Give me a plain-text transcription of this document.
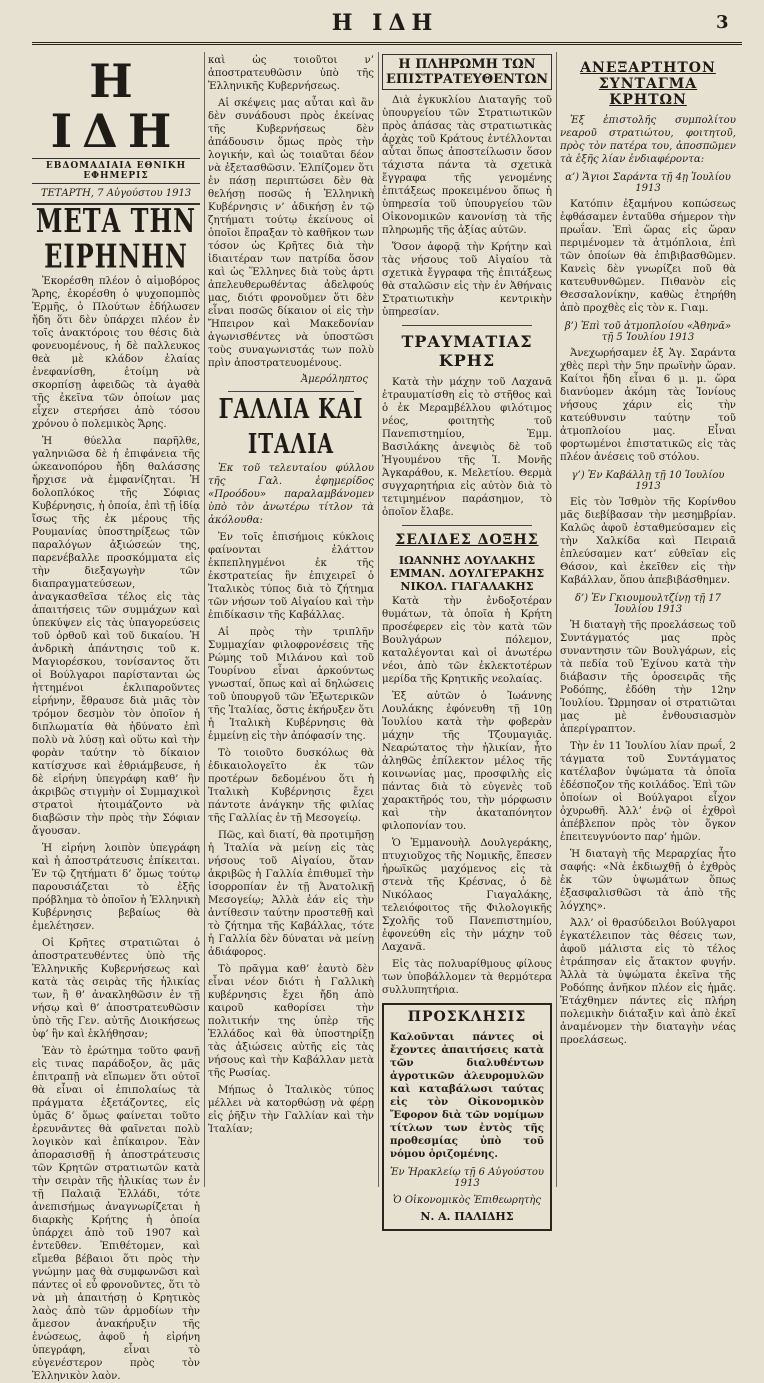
Η ΙΔΗ	3
Η ΙΔΗ
ΕΒΔΟΜΑΔΙΑΙΑ ΕΘΝΙΚΗ ΕΦΗΜΕΡΙΣ
ΤΕΤΑΡΤΗ, 7 Αὐγούστου 1913
ΜΕΤΑ ΤΗΝ ΕΙΡΗΝΗΝ

Ἐκορέσθη πλέον ὁ αἱμοβόρος Ἄρης, ἐκορέσθη ὁ ψυχοπομπὸς Ἑρμῆς, ὁ Πλούτων ἐδήλωσεν ἤδη ὅτι δὲν ὑπάρχει πλέον ἐν τοῖς ἀνακτόροις του θέσις διὰ φονευομένους, ἡ δὲ παλλευκος θεὰ μὲ κλάδον ἐλαίας ἐνεφανίσθη, ἑτοίμη νὰ σκορπίσῃ ἀφειδῶς τὰ ἀγαθὰ τῆς ἐκεῖνα τῶν ὁποίων μας εἶχεν στερήσει ἀπὸ τόσου χρόνου ὁ πολεμικὸς Ἄρης.

Ἡ θύελλα παρῆλθε, γαληνιῶσα δὲ ἡ ἐπιφάνεια τῆς ὡκεανοπόρου ἤδη θαλάσσης ἤρχισε νὰ ἐμφανίζηται. Ἡ δολοπλόκος τῆς Σόφιας Κυβέρνησις, ἡ ὁποία, ἐπὶ τῇ ἰδίᾳ ἴσως τῆς ἐκ μέρους τῆς Ρουμανίας ὑποστηρίξεως τῶν παραλόγων ἀξιώσεών της, παρενέβαλλε προσκόμματα εἰς τὴν διεξαγωγὴν τῶν διαπραγματεύσεων, ἀναγκασθεῖσα τέλος εἰς τὰς ἀπαιτήσεις τῶν συμμάχων καὶ ὑπεκύψεν εἰς τὰς ὑπαγορεύσεις τοῦ ὀρθοῦ καὶ τοῦ δικαίου. Ἡ ἀνδρικὴ ἀπάντησις τοῦ κ. Μαγιορέσκου, τονίσαντος ὅτι οἱ Βούλγαροι παρίστανται ὡς ἡττημένοι ἐκλιπαροῦντες εἰρήνην, ἔθραυσε διὰ μιᾶς τὸν τρόμον δεσμὸν τὸν ὁποῖον ἡ διπλωματία θὰ ἠδύνατο ἐπὶ πολὺ νὰ λύσῃ καὶ οὕτω καὶ τὴν φορὰν ταύτην τὸ δίκαιον κατίσχυσε καὶ ἐθριάμβευσε, ἡ δὲ εἰρήνη ὑπεγράφη καθ’ ἣν ἀκριβῶς στιγμὴν οἱ Συμμαχικοὶ στρατοὶ ἡτοιμάζοντο νὰ διαβῶσιν τὴν πρὸς τὴν Σόφιαν ἄγουσαν.

Ἡ εἰρήνη λοιπὸν ὑπεγράφη καὶ ἡ ἀποστράτευσις ἐπίκειται. Ἐν τῷ ζητήματι δ’ ὅμως τούτῳ παρουσιάζεται τὸ ἐξῆς πρόβλημα τὸ ὁποῖον ἡ Ἑλληνικὴ Κυβέρνησις βεβαίως θὰ ἐμελέτησεν.

Οἱ Κρῆτες στρατιῶται ὁ ἀποστρατευθέντες ὑπὸ τῆς Ἑλληνικῆς Κυβερνήσεως καὶ κατὰ τὰς σειρὰς τῆς ἡλικίας των, ἢ θ’ ἀνακληθῶσιν ἐν τῇ νήσῳ καὶ θ’ ἀποστρατευθῶσιν ὑπὸ τῆς Γεν. αὐτῆς Διοικήσεως ὑφ’ ἣν καὶ ἐκλήθησαν;

Ἐὰν τὸ ἐρώτημα τοῦτο φανῇ εἰς τινας παράδοξον, ἂς μᾶς ἐπιτραπῇ νὰ εἴπωμεν ὅτι οὐτοῖ θὰ εἶναι οἱ ἐπιπολαίως τὰ πράγματα ἐξετάζοντες, εἰς ὑμᾶς δ’ ὅμως φαίνεται τοῦτο ἐρευνᾶντες θὰ φαῖνεται πολὺ λογικὸν καὶ ἐπίκαιρον. Ἐὰν ἀπορασισθῇ ἡ ἀποστράτευσις τῶν Κρητῶν στρατιωτῶν κατὰ τὴν σειρὰν τῆς ἡλικίας των ἐν τῇ Παλαιᾷ Ἑλλάδι, τότε ἀνεπισήμως ἀναγνωρίζεται ἡ διαρκὴς Κρήτης ἡ ὁποία ὑπάρχει ἀπὸ τοῦ 1907 καὶ ἐντεῦθεν. Ἐπιθέτομεν, καὶ εἴμεθα βέβαιοι ὅτι πρὸς τὴν γνώμην μας θὰ συμφωνῶσι καὶ πάντες οἱ εὖ φρονοῦντες, ὅτι τὸ νὰ μὴ ἀπαιτήσῃ ὁ Κρητικὸς λαὸς ἀπὸ τῶν ἀρμοδίων τὴν ἄμεσον ἀνακήρυξιν τῆς ἑνώσεως, ἀφοῦ ἡ εἰρήνη ὑπεγράφη, εἶναι τὸ εὐγενέστερον πρὸς τὸν Ἑλληνικὸν λαὸν.

καὶ ὡς τοιοῦτοι ν’ ἀποστρατευθῶσιν ὑπὸ τῆς Ἑλληνικῆς Κυβερνήσεως.

Αἱ σκέψεις μας αὗται καὶ ἂν δὲν συνάδουσι πρὸς ἐκείνας τῆς Κυβερνήσεως δὲν ἀπάδουσιν ὅμως πρὸς τὴν λογικήν, καὶ ὡς τοιαῦται δέον νὰ ἐξετασθῶσιν. Ἐλπίζομεν ὅτι ἐν πάσῃ περιπτώσει δὲν θὰ θελήσῃ ποσῶς ἡ Ἑλληνικὴ Κυβέρνησις ν’ ἀδικήσῃ ἐν τῷ ζητήματι τούτῳ ἐκείνους οἱ ὁποῖοι ἔπραξαν τὸ καθῆκον των τόσον ὡς Κρῆτες διὰ τὴν ἰδιαιτέραν των πατρίδα ὅσον καὶ ὡς Ἕλληνες διὰ τοὺς ἀρτι ἀπελευθερωθέντας ἀδελφούς μας, διότι φρονοῦμεν ὅτι δὲν εἶναι ποσῶς δίκαιον οἱ εἰς τὴν Ἤπειρον καὶ Μακεδονίαν ἀγωνισθέντες νὰ ὑποστῶσι τοὺς συναγωνιστάς των πολὺ πρὶν ἀποστρατευομένους.

Ἀμερόληπτος
ΓΑΛΛΙΑ ΚΑΙ ΙΤΑΛΙΑ

Ἐκ τοῦ τελευταίου φύλλου τῆς Γαλ. ἐφημερίδος «Προόδου» παραλαμβάνομεν ὑπὸ τὸν ἀνωτέρω τίτλον τὰ ἀκόλουθα:

Ἐν τοῖς ἐπισήμοις κύκλοις φαίνονται ἐλάττον ἐκπεπληγμένοι ἐκ τῆς ἐκστρατείας ἣν ἐπιχειρεῖ ὁ Ἰταλικὸς τύπος διὰ τὸ ζήτημα τῶν νήσων τοῦ Αἰγαίου καὶ τὴν ἐπιδίκασιν τῆς Καβάλλας.

Αἱ πρὸς τὴν τριπλῆν Συμμαχίαν φιλοφρονέσεις τῆς Ρώμης τοῦ Μιλάνου καὶ τοῦ Τουρίνου εἶναι ἀρκούντως γνωσταί, ὅπως καὶ αἱ δηλώσεις τοῦ ὑπουργοῦ τῶν Ἐξωτερικῶν τῆς Ἰταλίας, ὅστις ἐκήρυξεν ὅτι ἡ Ἰταλικὴ Κυβέρνησις θὰ ἐμμείνῃ εἰς τὴν ἀπόφασίν της.

Τὸ τοιοῦτο δυσκόλως θὰ ἐδικαιολογεῖτο ἐκ τῶν προτέρων δεδομένου ὅτι ἡ Ἰταλικὴ Κυβέρνησις ἔχει πάντοτε ἀνάγκην τῆς φιλίας τῆς Γαλλίας ἐν τῇ Μεσογείῳ.

Πῶς, καὶ διατί, θὰ προτιμῆσῃ ἡ Ἰταλία νὰ μείνῃ εἰς τὰς νήσους τοῦ Αἰγαίου, ὅταν ἀκριβῶς ἡ Γαλλία ἐπιθυμεῖ τὴν ἰσορροπίαν ἐν τῇ Ἀνατολικῇ Μεσογείῳ; Ἀλλὰ ἐάν εἰς τὴν ἀντίθεσιν ταύτην προστεθῇ καὶ τὸ ζήτημα τῆς Καβάλλας, τότε ἡ Γαλλία δὲν δύναται νὰ μείνῃ ἀδιάφορος.

Τὸ πρᾶγμα καθ’ ἑαυτὸ δὲν εἶναι νέον διότι ἡ Γαλλικὴ κυβέρνησις ἔχει ἤδη ἀπὸ καιροῦ καθορίσει τὴν πολιτικήν της ὑπὲρ τῆς Ἑλλάδος καὶ θὰ ὑποστηρίξῃ τὰς ἀξιώσεις αὐτῆς εἰς τὰς νήσους καὶ τὴν Καβάλλαν μετὰ τῆς Ρωσίας.

Μήπως ὁ Ἰταλικὸς τύπος μέλλει νὰ κατορθώσῃ νὰ φέρῃ εἰς ῥῆξιν τὴν Γαλλίαν καὶ τὴν Ἰταλίαν;

Η ΠΛΗΡΩΜΗ ΤΩΝ ΕΠΙΣΤΡΑΤΕΥΘΕΝΤΩΝ

Διὰ ἐγκυκλίου Διαταγῆς τοῦ ὑπουργείου τῶν Στρατιωτικῶν πρὸς ἁπάσας τὰς στρατιωτικὰς ἀρχὰς τοῦ Κράτους ἐντέλλονται αὗται ὅπως ἀποστείλωσιν ὅσον τάχιστα πάντα τὰ σχετικὰ ἔγγραφα τῆς γενομένης ἐπιτάξεως προκειμένου ὅπως ἡ ὑπηρεσία τοῦ ὑπουργείου τῶν Οἰκονομικῶν κανονίσῃ τὰ τῆς πληρωμῆς τῆς ἀξίας αὐτῶν.

Ὅσον ἀφορᾷ τὴν Κρήτην καὶ τὰς νήσους τοῦ Αἰγαίου τὰ σχετικὰ ἔγγραφα τῆς ἐπιτάξεως θὰ σταλῶσιν εἰς τὴν ἐν Ἀθήναις Στρατιωτικὴν κεντρικὴν ὑπηρεσίαν.

ΤΡΑΥΜΑΤΙΑΣ ΚΡΗΣ

Κατὰ τὴν μάχην τοῦ Λαχανᾶ ἐτραυματίσθη εἰς τὸ στῆθος καὶ ὁ ἐκ Μεραμβέλλου φιλότιμος νέος, φοιτητὴς τοῦ Πανεπιστημίου, Ἐμμ. Βασιλάκης ἀνεψιὸς δὲ τοῦ Ἡγουμένου τῆς Ἱ. Μονῆς Ἀγκαράθου, κ. Μελετίου. Θερμὰ συγχαρητήρια εἰς αὐτὸν διὰ τὸ τετιμημένον παράσημον, τὸ ὁποῖον ἔλαβε.

ΣΕΛΙΔΕΣ ΔΟΞΗΣ
ΙΩΑΝΝΗΣ ΛΟΥΛΑΚΗΣ
ΕΜΜΑΝ. ΔΟΥΛΓΕΡΑΚΗΣ
ΝΙΚΟΛ. ΓΙΑΓΑΛΑΚΗΣ

Κατὰ τὴν ἐνδοξοτέραν θυμάτων, τὰ ὁποῖα ἡ Κρήτη προσέφερεν εἰς τὸν κατὰ τῶν Βουλγάρων πόλεμον, καταλέγονται καὶ οἱ ἀνωτέρω νέοι, ἀπὸ τῶν ἐκλεκτοτέρων μερίδα τῆς Κρητικῆς νεολαίας.

Ἐξ αὐτῶν ὁ Ἰωάννης Λουλάκης ἐφόνευθη τῇ 10ῃ Ἰουλίου κατὰ τὴν φοβερὰν μάχην τῆς Τζουμαγιᾶς. Νεαρώτατος τὴν ἡλικίαν, ἦτο ἀληθῶς ἐπίλεκτον μέλος τῆς κοινωνίας μας, προσφιλὴς εἰς πάντας διὰ τὸ εὐγενὲς τοῦ χαρακτῆρός του, τὴν μόρφωσιν καὶ τὴν ἀκαταπόνητον φιλοπονίαν του.

Ὁ Ἐμμανουὴλ Δουλγεράκης, πτυχιοῦχος τῆς Νομικῆς, ἔπεσεν ἡρωϊκῶς μαχόμενος εἰς τὰ στενὰ τῆς Κρέσνας, ὁ δὲ Νικόλαος Γιαγαλάκης, τελειόφοιτος τῆς Φιλολογικῆς Σχολῆς τοῦ Πανεπιστημίου, ἐφονεύθη εἰς τὴν μάχην τοῦ Λαχανᾶ.

Εἰς τὰς πολυαρίθμους φίλους των ὑποβάλλομεν τὰ θερμότερα συλλυπητήρια.

ΠΡΟΣΚΛΗΣΙΣ

Καλοῦνται πάντες οἱ ἔχοντες ἀπαιτήσεις κατὰ τῶν διαλυθέντων ἀγροτικῶν ἀλευρομυλῶν καὶ καταβάλωσι ταύτας εἰς τὸν Οἰκονομικὸν Ἔφορον διὰ τῶν νομίμων τίτλων των ἐντὸς τῆς προθεσμίας ὑπὸ τοῦ νόμου ὁριζομένης.

Ἐν Ἡρακλείῳ τῇ 6 Αὐγούστου 1913
Ὁ Οἰκονομικὸς Ἐπιθεωρητὴς
Ν. Α. ΠΑΛΙΔΗΣ
ΑΝΕΞΑΡΤΗΤΟΝ ΣΥΝΤΑΓΜΑ ΚΡΗΤΩΝ

Ἐξ ἐπιστολῆς συμπολίτου νεαροῦ στρατιώτου, φοιτητοῦ, πρὸς τὸν πατέρα του, ἀποσπῶμεν τὰ ἑξῆς λίαν ἐνδιαφέροντα:

α’) Ἅγιοι Σαράντα τῇ 4ῃ Ἰουλίου 1913

Κατόπιν ἐξαμήνου κοπώσεως ἐφθάσαμεν ἐνταῦθα σήμερον τὴν πρωΐαν. Ἐπὶ ὥρας εἰς ὥραν περιμένομεν τὰ ἀτμόπλοια, ἐπὶ τῶν ὁποίων θὰ ἐπιβιβασθῶμεν. Κανεὶς δὲν γνωρίζει ποῦ θὰ κατευθυνθῶμεν. Πιθανὸν εἰς Θεσσαλονίκην, καθὼς ἐτηρήθη ἀπὸ προχθὲς εἰς τὸν κ. Γιαμ.

β’) Ἐπὶ τοῦ ἀτμοπλοίου «Ἀθηνᾶ» τῇ 5 Ἰουλίου 1913

Ἀνεχωρήσαμεν ἐξ Ἁγ. Σαράντα χθὲς περὶ τὴν 5ην πρωϊνὴν ὥραν. Καίτοι ἤδη εἶναι 6 μ. μ. ὥρα διανύομεν ἀκόμη τὰς Ἰονίους νήσους χάριν εἰς τὴν κατεύθυνσιν ταύτην τοῦ ἀτμοπλοίου μας. Εἶναι φορτωμένοι ἐπιστατικῶς εἰς τὰς πλέον ἀνέσεις τοῦ στόλου.

γ’) Ἐν Καβάλλῃ τῇ 10 Ἰουλίου 1913

Εἰς τὸν Ἰσθμὸν τῆς Κορίνθου μᾶς διεβίβασαν τὴν μεσημβρίαν. Καλῶς ἀφοῦ ἐσταθμεύσαμεν εἰς τὴν Χαλκίδα καὶ Πειραιᾶ ἐπλεύσαμεν κατ’ εὐθεῖαν εἰς Θάσον, καὶ ἐκεῖθεν εἰς τὴν Καβάλλαν, ὅπου ἀπεβιβάσθημεν.

δ’) Ἐν Γκιουμουλτζίνῃ τῇ 17 Ἰουλίου 1913

Ἡ διαταγὴ τῆς προελάσεως τοῦ Συντάγματός μας πρὸς συναντησιν τῶν Βουλγάρων, εἰς τὰ πεδία τοῦ Ἐχίνου κατὰ τὴν διάβασιν τῆς ὁροσειρᾶς τῆς Ροδόπης, ἐδόθη τὴν 12ην Ἰουλίου. Ὥρμησαν οἱ στρατιῶται μας μὲ ἐνθουσιασμὸν ἀπερίγραπτον.

Τὴν ἐν 11 Ἰουλίου λίαν πρωΐ, 2 τάγματα τοῦ Συντάγματος κατέλαβον ὑψώματα τὰ ὁποῖα ἐδέσποζον τῆς κοιλάδος. Ἐπὶ τῶν ὁποίων οἱ Βούλγαροι εἶχον ὀχυρωθῆ. Ἀλλ’ ἐνῷ οἱ ἐχθροὶ ἀπέβλεπον πρὸς τὸν ὅγκον ἐπειτευγνύοντο παρ’ ἡμῶν.

Ἡ διαταγὴ τῆς Μεραρχίας ἦτο σαφής: «Νὰ ἐκδιωχθῇ ὁ ἐχθρὸς ἐκ τῶν ὑψωμάτων ὅπως ἐξασφαλισθῶσι τὰ ἀπὸ τῆς λόγχης».

Ἀλλ’ οἱ θρασύδειλοι Βούλγαροι ἐγκατέλειπον τὰς θέσεις των, ἀφοῦ μάλιστα εἰς τὸ τέλος ἐτράπησαν εἰς ἄτακτον φυγήν. Ἀλλὰ τὰ ὑψώματα ἐκεῖνα τῆς Ροδόπης ἀνῆκον πλέον εἰς ἡμᾶς. Ἐτάχθημεν πάντες εἰς πλήρη πολεμικὴν διάταξιν καὶ ἀπὸ ἐκεῖ ἀναμένομεν τὴν διαταγὴν νέας προελάσεως.
